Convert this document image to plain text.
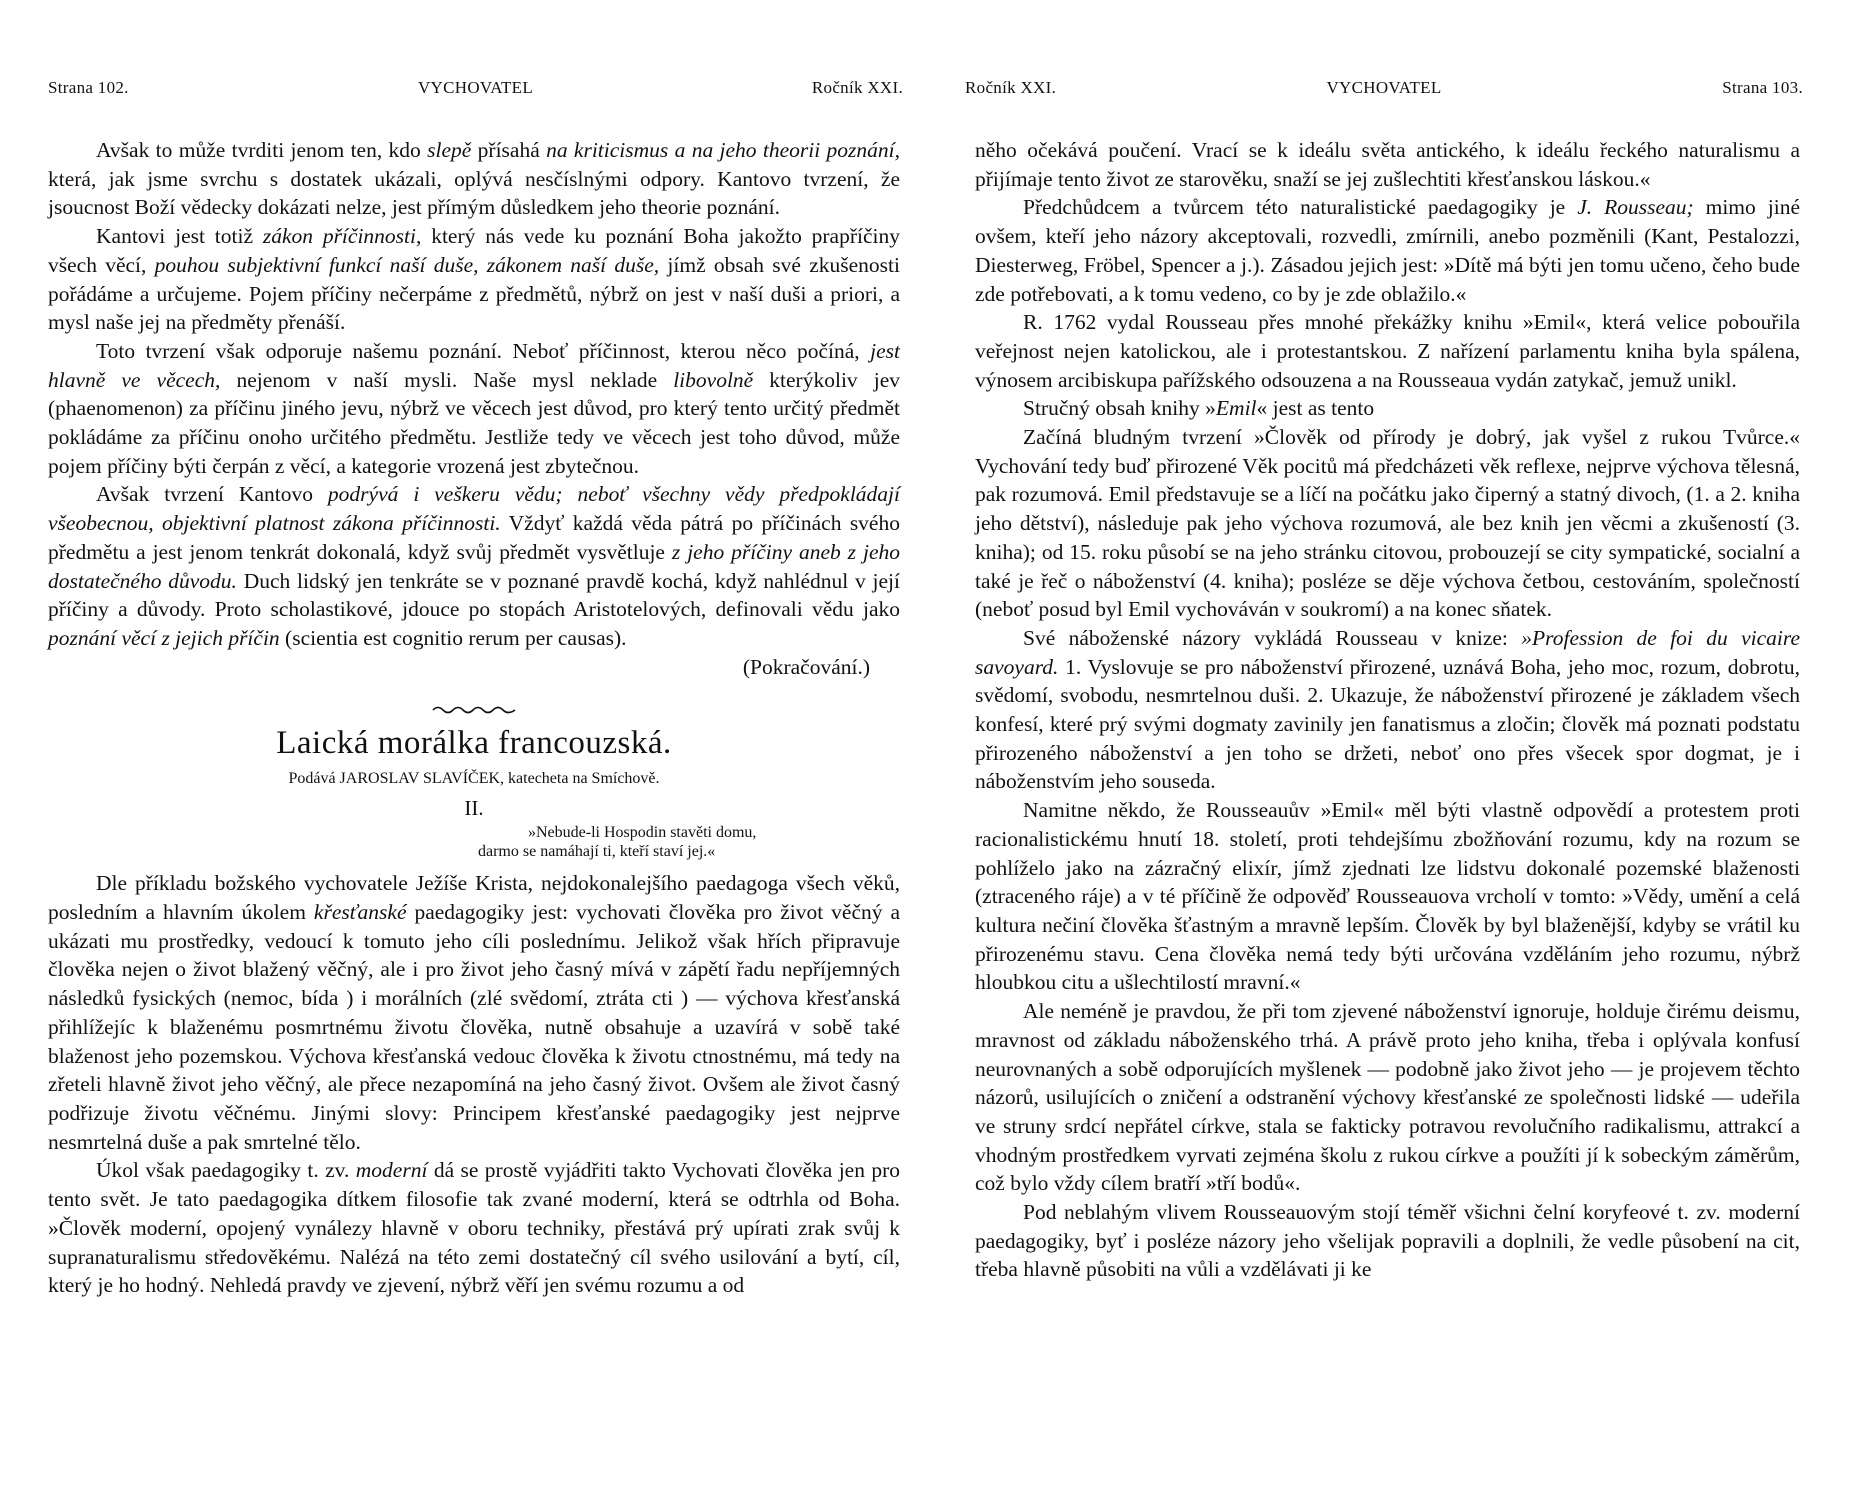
Strana 102.	VYCHOVATEL	Ročník XXI.

Avšak to může tvrditi jenom ten, kdo slepě přísahá na kriticismus a na jeho theorii poznání, která, jak jsme svrchu s dostatek ukázali, oplývá nesčíslnými odpory. Kantovo tvrzení, že jsoucnost Boží vědecky dokázati nelze, jest přímým důsledkem jeho theorie poznání.

Kantovi jest totiž zákon příčinnosti, který nás vede ku poznání Boha jakožto prapříčiny všech věcí, pouhou subjektivní funkcí naší duše, zákonem naší duše, jímž obsah své zkušenosti pořádáme a určujeme. Pojem příčiny nečerpáme z předmětů, nýbrž on jest v naší duši a priori, a mysl naše jej na předměty přenáší.

Toto tvrzení však odporuje našemu poznání. Neboť příčinnost, kterou něco počíná, jest hlavně ve věcech, nejenom v naší mysli. Naše mysl neklade libovolně kterýkoliv jev (phaenomenon) za příčinu jiného jevu, nýbrž ve věcech jest důvod, pro který tento určitý předmět pokládáme za příčinu onoho určitého předmětu. Jestliže tedy ve věcech jest toho důvod, může pojem příčiny býti čerpán z věcí, a kategorie vrozená jest zbytečnou.

Avšak tvrzení Kantovo podrývá i veškeru vědu; neboť všechny vědy předpokládají všeobecnou, objektivní platnost zákona příčinnosti. Vždyť každá věda pátrá po příčinách svého předmětu a jest jenom tenkrát dokonalá, když svůj předmět vysvětluje z jeho příčiny aneb z jeho dostatečného důvodu. Duch lidský jen tenkráte se v poznané pravdě kochá, když nahlédnul v její příčiny a důvody. Proto scholastikové, jdouce po stopách Aristotelových, definovali vědu jako poznání věcí z jejich příčin (scientia est cognitio rerum per causas).

(Pokračování.)

Laická morálka francouzská.
Podává JAROSLAV SLAVÍČEK, katecheta na Smíchově.
II.
»Nebude-li Hospodin stavěti domu,
darmo se namáhají ti, kteří staví jej.«

Dle příkladu božského vychovatele Ježíše Krista, nejdokonalejšího paedagoga všech věků, posledním a hlavním úkolem křesťanské paedagogiky jest: vychovati člověka pro život věčný a ukázati mu prostředky, vedoucí k tomuto jeho cíli poslednímu. Jelikož však hřích připravuje člověka nejen o život blažený věčný, ale i pro život jeho časný mívá v zápětí řadu nepříjemných následků fysických (nemoc, bída ) i morálních (zlé svědomí, ztráta cti ) — výchova křesťanská přihlížejíc k blaženému posmrtnému životu člověka, nutně obsahuje a uzavírá v sobě také blaženost jeho pozemskou. Výchova křesťanská vedouc člověka k životu ctnostnému, má tedy na zřeteli hlavně život jeho věčný, ale přece nezapomíná na jeho časný život. Ovšem ale život časný podřizuje životu věčnému. Jinými slovy: Principem křesťanské paedagogiky jest nejprve nesmrtelná duše a pak smrtelné tělo.

Úkol však paedagogiky t. zv. moderní dá se prostě vyjádřiti takto Vychovati člověka jen pro tento svět. Je tato paedagogika dítkem filosofie tak zvané moderní, která se odtrhla od Boha. »Člověk moderní, opojený vynálezy hlavně v oboru techniky, přestává prý upírati zrak svůj k supranaturalismu středověkému. Nalézá na této zemi dostatečný cíl svého usilování a bytí, cíl, který je ho hodný. Nehledá pravdy ve zjevení, nýbrž věří jen svému rozumu a od

Ročník XXI.	VYCHOVATEL	Strana 103.

něho očekává poučení. Vrací se k ideálu světa antického, k ideálu řeckého naturalismu a přijímaje tento život ze starověku, snaží se jej zušlechtiti křesťanskou láskou.«

Předchůdcem a tvůrcem této naturalistické paedagogiky je J. Rousseau; mimo jiné ovšem, kteří jeho názory akceptovali, rozvedli, zmírnili, anebo pozměnili (Kant, Pestalozzi, Diesterweg, Fröbel, Spencer a j.). Zásadou jejich jest: »Dítě má býti jen tomu učeno, čeho bude zde potřebovati, a k tomu vedeno, co by je zde oblažilo.«

R. 1762 vydal Rousseau přes mnohé překážky knihu »Emil«, která velice pobouřila veřejnost nejen katolickou, ale i protestantskou. Z nařízení parlamentu kniha byla spálena, výnosem arcibiskupa pařížského odsouzena a na Rousseaua vydán zatykač, jemuž unikl.

Stručný obsah knihy »Emil« jest as tento

Začíná bludným tvrzení »Člověk od přírody je dobrý, jak vyšel z rukou Tvůrce.« Vychování tedy buď přirozené Věk pocitů má předcházeti věk reflexe, nejprve výchova tělesná, pak rozumová. Emil představuje se a líčí na počátku jako čiperný a statný divoch, (1. a 2. kniha jeho dětství), následuje pak jeho výchova rozumová, ale bez knih jen věcmi a zkušeností (3. kniha); od 15. roku působí se na jeho stránku citovou, probouzejí se city sympatické, socialní a také je řeč o náboženství (4. kniha); posléze se děje výchova četbou, cestováním, společností (neboť posud byl Emil vychováván v soukromí) a na konec sňatek.

Své náboženské názory vykládá Rousseau v knize: »Profession de foi du vicaire savoyard. 1. Vyslovuje se pro náboženství přirozené, uznává Boha, jeho moc, rozum, dobrotu, svědomí, svobodu, nesmrtelnou duši. 2. Ukazuje, že náboženství přirozené je základem všech konfesí, které prý svými dogmaty zavinily jen fanatismus a zločin; člověk má poznati podstatu přirozeného náboženství a jen toho se držeti, neboť ono přes všecek spor dogmat, je i náboženstvím jeho souseda.

Namitne někdo, že Rousseauův »Emil« měl býti vlastně odpovědí a protestem proti racionalistickému hnutí 18. století, proti tehdejšímu zbožňování rozumu, kdy na rozum se pohlíželo jako na zázračný elixír, jímž zjednati lze lidstvu dokonalé pozemské blaženosti (ztraceného ráje) a v té příčině že odpověď Rousseauova vrcholí v tomto: »Vědy, umění a celá kultura nečiní člověka šťastným a mravně lepším. Člověk by byl blaženější, kdyby se vrátil ku přirozenému stavu. Cena člověka nemá tedy býti určována vzděláním jeho rozumu, nýbrž hloubkou citu a ušlechtilostí mravní.«

Ale neméně je pravdou, že při tom zjevené náboženství ignoruje, holduje čirému deismu, mravnost od základu náboženského trhá. A právě proto jeho kniha, třeba i oplývala konfusí neurovnaných a sobě odporujících myšlenek — podobně jako život jeho — je projevem těchto názorů, usilujících o zničení a odstranění výchovy křesťanské ze společnosti lidské — udeřila ve struny srdcí nepřátel církve, stala se fakticky potravou revolučního radikalismu, attrakcí a vhodným prostředkem vyrvati zejména školu z rukou církve a použíti jí k sobeckým záměrům, což bylo vždy cílem bratří »tří bodů«.

Pod neblahým vlivem Rousseauovým stojí téměř všichni čelní koryfeové t. zv. moderní paedagogiky, byť i posléze názory jeho všelijak popravili a doplnili, že vedle působení na cit, třeba hlavně působiti na vůli a vzdělávati ji ke
